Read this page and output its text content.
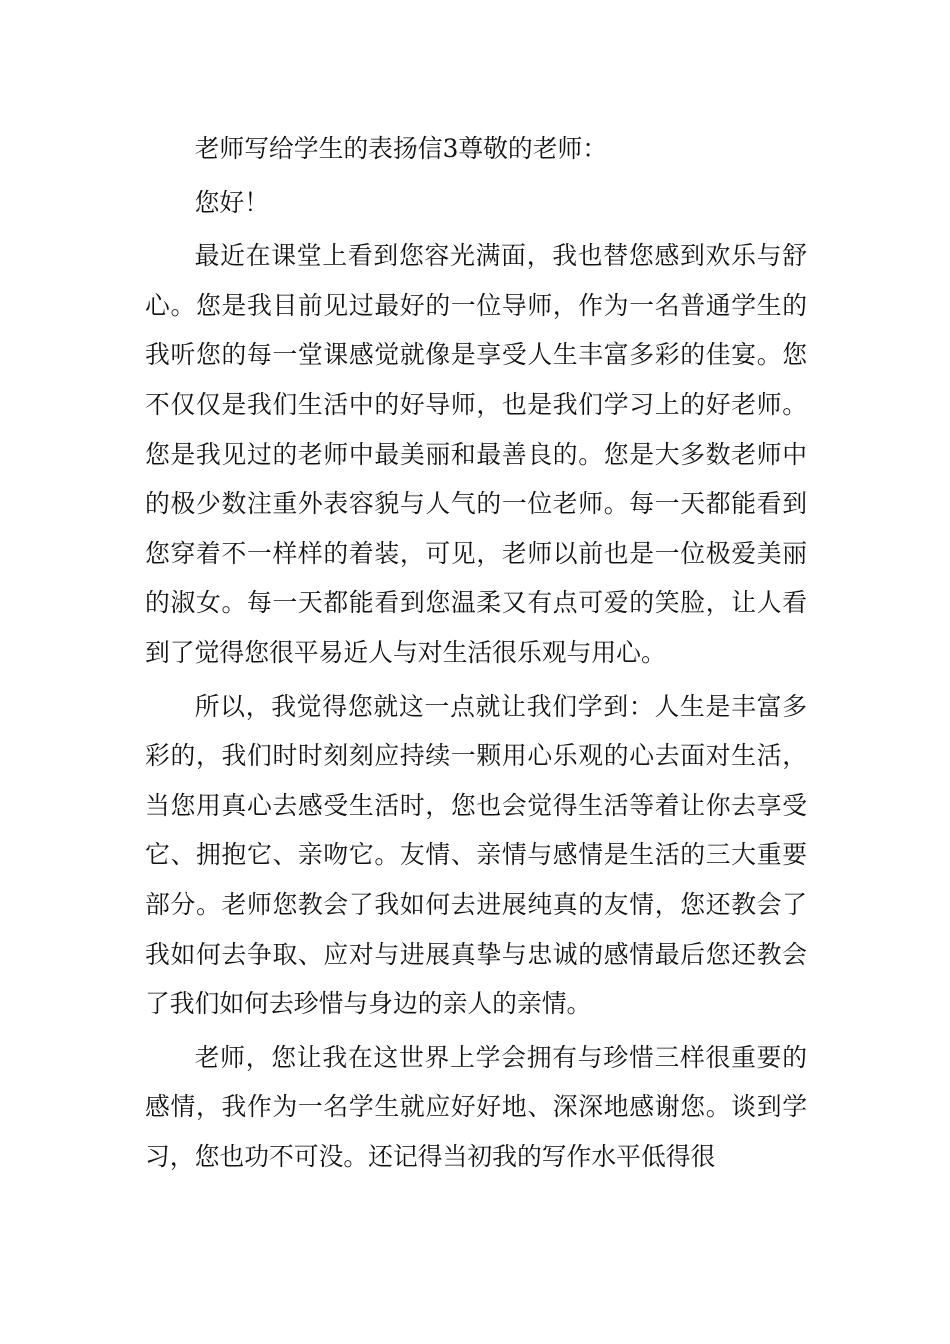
老师写给学生的表扬信3尊敬的老师：

您好！

最近在课堂上看到您容光满面，我也替您感到欢乐与舒心。您是我目前见过最好的一位导师，作为一名普通学生的我听您的每一堂课感觉就像是享受人生丰富多彩的佳宴。您不仅仅是我们生活中的好导师，也是我们学习上的好老师。您是我见过的老师中最美丽和最善良的。您是大多数老师中的极少数注重外表容貌与人气的一位老师。每一天都能看到您穿着不一样样的着装，可见，老师以前也是一位极爱美丽的淑女。每一天都能看到您温柔又有点可爱的笑脸，让人看到了觉得您很平易近人与对生活很乐观与用心。

所以，我觉得您就这一点就让我们学到：人生是丰富多彩的，我们时时刻刻应持续一颗用心乐观的心去面对生活，当您用真心去感受生活时，您也会觉得生活等着让你去享受它、拥抱它、亲吻它。友情、亲情与感情是生活的三大重要部分。老师您教会了我如何去进展纯真的友情，您还教会了我如何去争取、应对与进展真挚与忠诚的感情最后您还教会了我们如何去珍惜与身边的亲人的亲情。

老师，您让我在这世界上学会拥有与珍惜三样很重要的感情，我作为一名学生就应好好地、深深地感谢您。谈到学习，您也功不可没。还记得当初我的写作水平低得很
